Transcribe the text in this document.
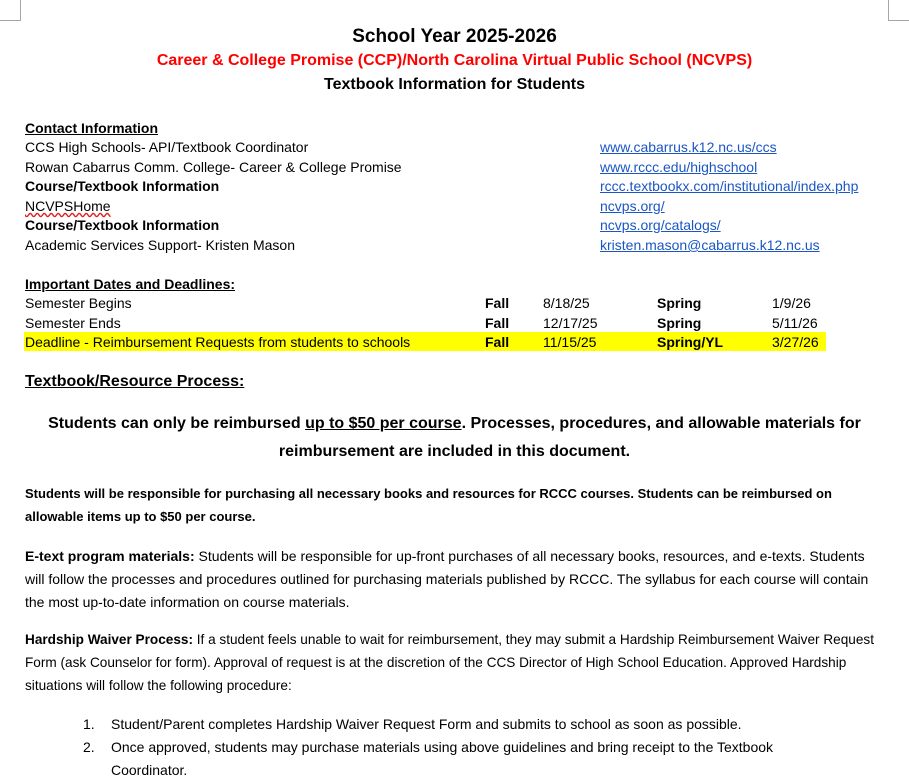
School Year 2025-2026
Career & College Promise (CCP)/North Carolina Virtual Public School (NCVPS)
Textbook Information for Students
Contact Information
CCS High Schools- API/Textbook Coordinator	www.cabarrus.k12.nc.us/ccs
Rowan Cabarrus Comm. College- Career & College Promise	www.rccc.edu/highschool
Course/Textbook Information	rccc.textbookx.com/institutional/index.php
NCVPSHome	ncvps.org/
Course/Textbook Information	ncvps.org/catalogs/
Academic Services Support- Kristen Mason	kristen.mason@cabarrus.k12.nc.us
Important Dates and Deadlines:
Semester Begins	Fall 8/18/25	Spring	1/9/26
Semester Ends	Fall 12/17/25	Spring	5/11/26
Deadline - Reimbursement Requests from students to schools	Fall 11/15/25	Spring/YL	3/27/26
Textbook/Resource Process:

Students can only be reimbursed up to $50 per course. Processes, procedures, and allowable materials for

reimbursement are included in this document.

Students will be responsible for purchasing all necessary books and resources for RCCC courses. Students can be reimbursed on allowable items up to $50 per course.

E-text program materials: Students will be responsible for up-front purchases of all necessary books, resources, and e-texts. Students will follow the processes and procedures outlined for purchasing materials published by RCCC. The syllabus for each course will contain the most up-to-date information on course materials.

Hardship Waiver Process: If a student feels unable to wait for reimbursement, they may submit a Hardship Reimbursement Waiver Request Form (ask Counselor for form). Approval of request is at the discretion of the CCS Director of High School Education. Approved Hardship situations will follow the following procedure:

1. Student/Parent completes Hardship Waiver Request Form and submits to school as soon as possible.
2. Once approved, students may purchase materials using above guidelines and bring receipt to the Textbook Coordinator.
